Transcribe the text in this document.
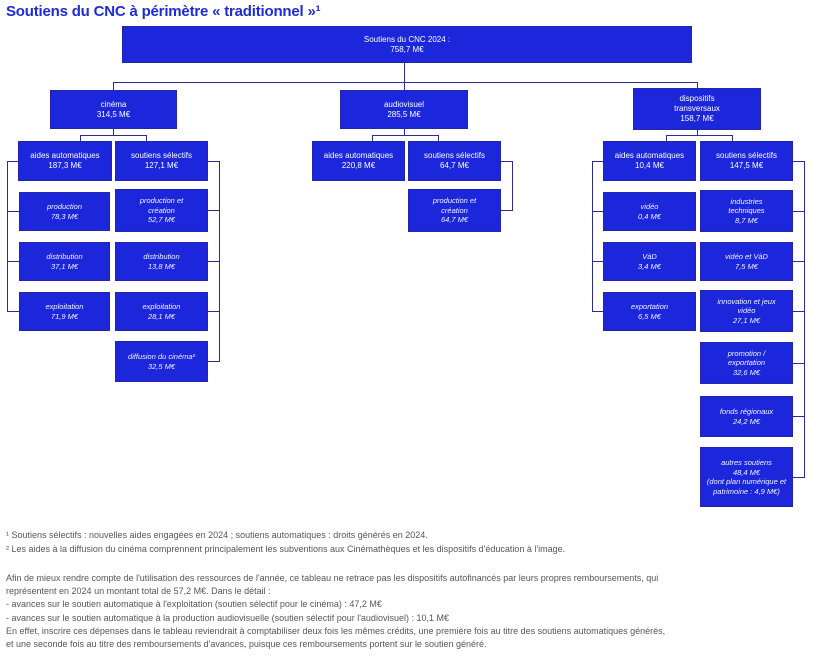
Soutiens du CNC à périmètre « traditionnel »¹
Soutiens du CNC 2024 :
758,7 M€
cinéma
314,5 M€
audiovisuel
285,5 M€
dispositifs transversaux
158,7 M€
aides automatiques
187,3 M€
soutiens sélectifs
127,1 M€
aides automatiques
220,8 M€
soutiens sélectifs
64,7 M€
aides automatiques
10,4 M€
soutiens sélectifs
147,5 M€
production
78,3 M€
distribution
37,1 M€
exploitation
71,9 M€
production et création
52,7 M€
distribution
13,8 M€
exploitation
28,1 M€
diffusion du cinéma²
32,5 M€
production et création
64,7 M€
vidéo
0,4 M€
VàD
3,4 M€
exportation
6,5 M€
industries techniques
8,7 M€
vidéo et VàD
7,5 M€
innovation et jeux vidéo
27,1 M€
promotion / exportation
32,6 M€
fonds régionaux
24,2 M€
autres soutiens
48,4 M€
(dont plan numérique et patrimoine : 4,9 M€)
¹ Soutiens sélectifs : nouvelles aides engagées en 2024 ; soutiens automatiques : droits générés en 2024.
² Les aides à la diffusion du cinéma comprennent principalement les subventions aux Cinémathèques et les dispositifs d'éducation à l'image.
Afin de mieux rendre compte de l'utilisation des ressources de l'année, ce tableau ne retrace pas les dispositifs autofinancés par leurs propres remboursements, qui
représentent en 2024 un montant total de 57,2 M€. Dans le détail :
- avances sur le soutien automatique à l'exploitation (soutien sélectif pour le cinéma) : 47,2 M€
- avances sur le soutien automatique à la production audiovisuelle (soutien sélectif pour l'audiovisuel) : 10,1 M€
En effet, inscrire ces dépenses dans le tableau reviendrait à comptabiliser deux fois les mêmes crédits, une première fois au titre des soutiens automatiques générés,
et une seconde fois au titre des remboursements d'avances, puisque ces remboursements portent sur le soutien généré.
